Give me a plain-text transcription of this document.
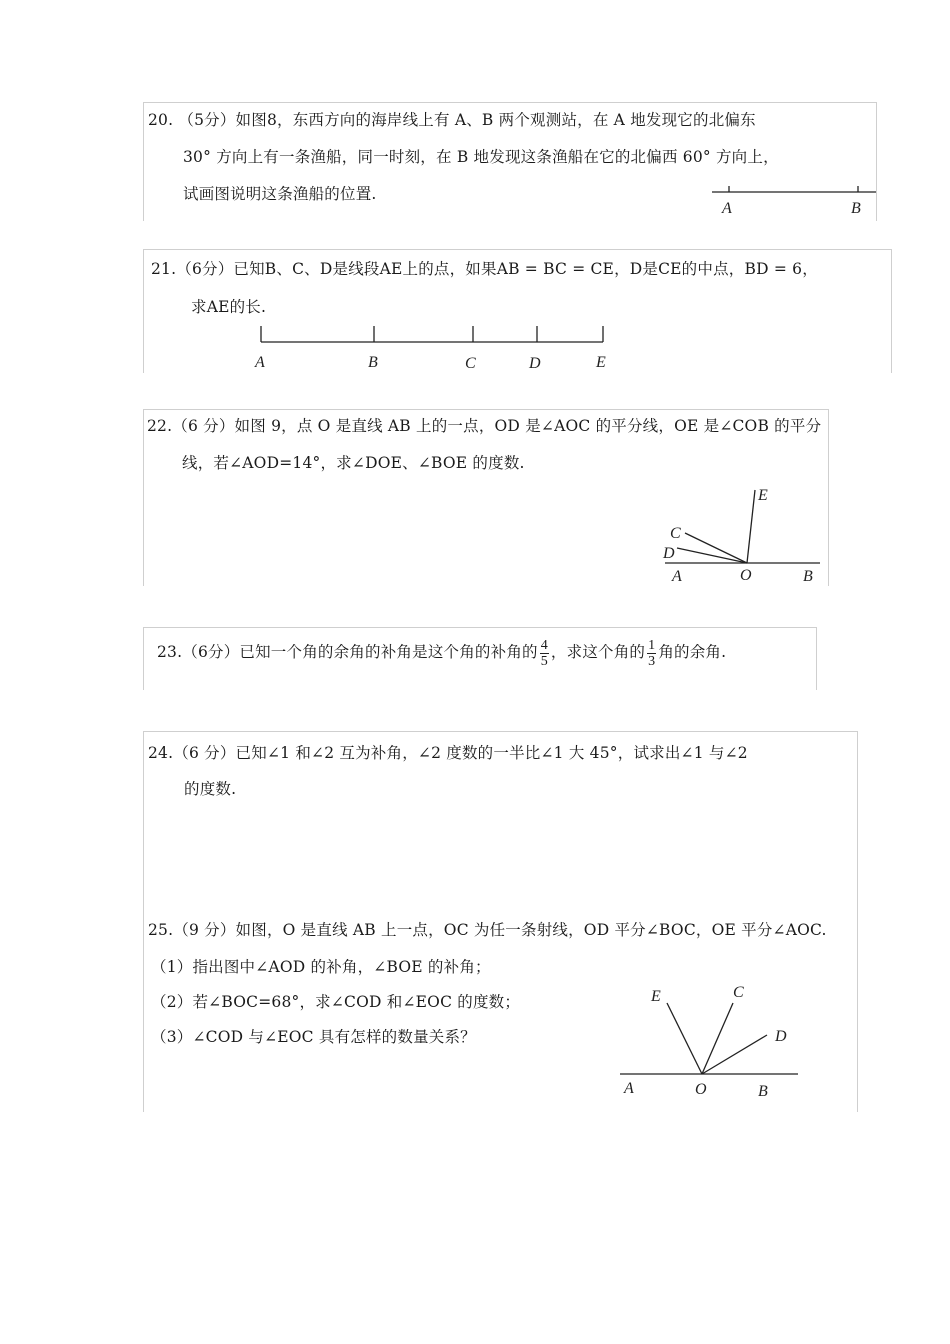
20. （5分）如图8，东西方向的海岸线上有 A、B 两个观测站，在 A 地发现它的北偏东
30° 方向上有一条渔船，同一时刻，在 B 地发现这条渔船在它的北偏西 60° 方向上，
试画图说明这条渔船的位置.
A	B
21.（6分）已知B、C、D是线段AE上的点，如果AB = BC = CE，D是CE的中点，BD = 6，
求AE的长.
A	B	C	D	E
22.（6 分）如图 9，点 O 是直线 AB 上的一点，OD 是∠AOC 的平分线，OE 是∠COB 的平分
线，若∠AOD=14°，求∠DOE、∠BOE 的度数.
E
C
D
A	O	B
23.（6分）已知一个角的余角的补角是这个角的补角的 $\frac{4}{5}$ ，求这个角的 $\frac{1}{3}$ 角的余角.
24.（6 分）已知∠1 和∠2 互为补角，∠2 度数的一半比∠1 大 45°，试求出∠1 与∠2
的度数.
25.（9 分）如图，O 是直线 AB 上一点，OC 为任一条射线，OD 平分∠BOC，OE 平分∠AOC.
（1）指出图中∠AOD 的补角，∠BOE 的补角；
（2）若∠BOC=68°，求∠COD 和∠EOC 的度数；
（3）∠COD 与∠EOC 具有怎样的数量关系？
E	C
D
A	O	B
